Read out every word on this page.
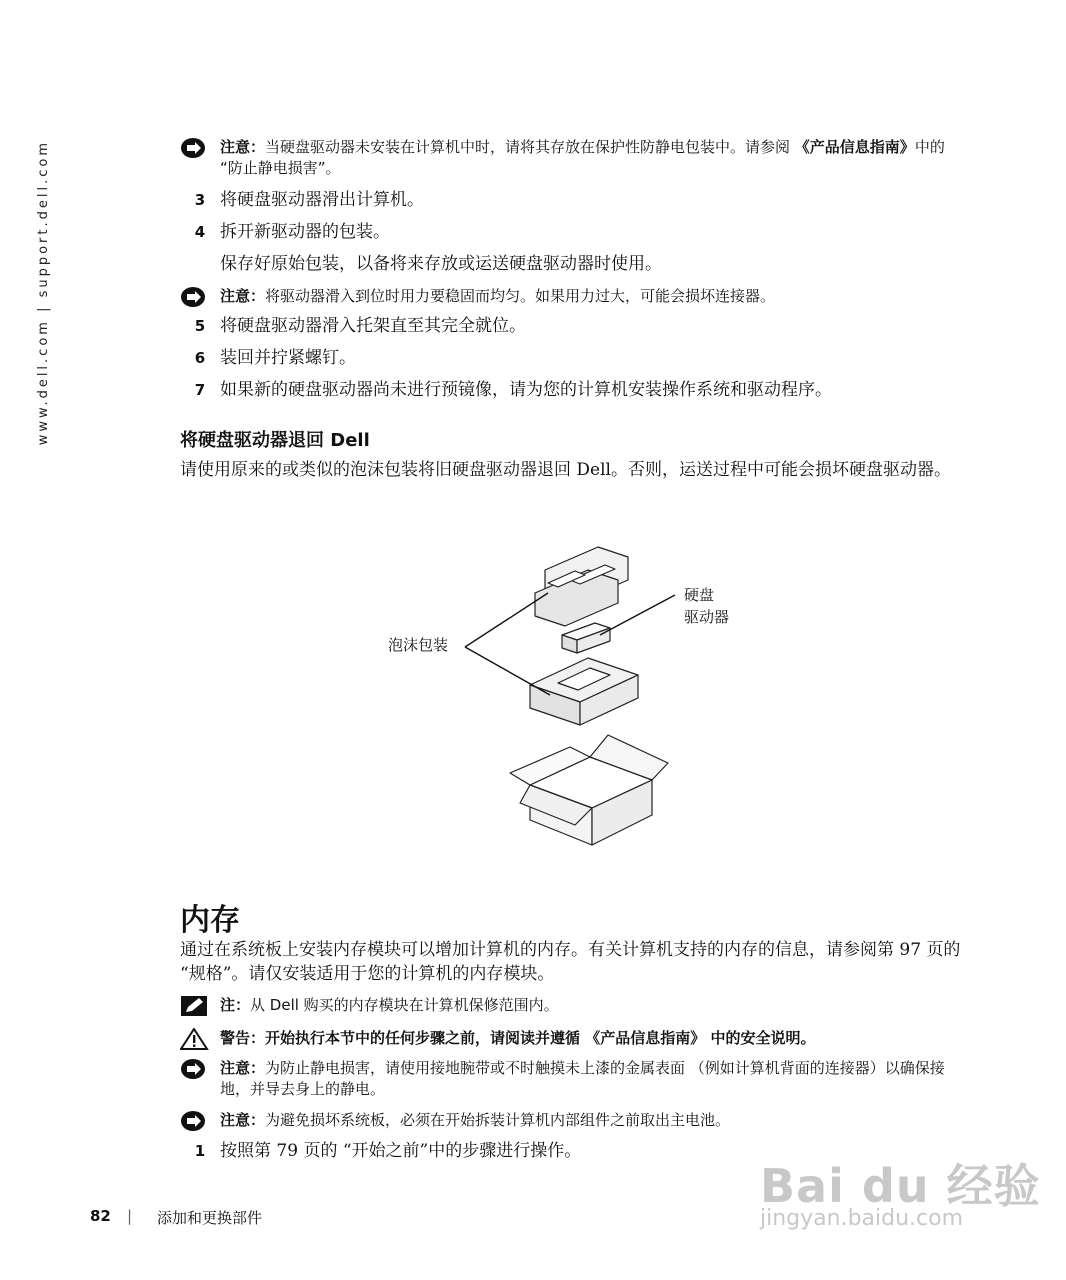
www.dell.com | support.dell.com	注意：当硬盘驱动器未安装在计算机中时，请将其存放在保护性防静电包装中。请参阅 《产品信息指南》中的 “防止静电损害”。
3 将硬盘驱动器滑出计算机。
4 拆开新驱动器的包装。
保存好原始包装，以备将来存放或运送硬盘驱动器时使用。
注意：将驱动器滑入到位时用力要稳固而均匀。如果用力过大，可能会损坏连接器。
5 将硬盘驱动器滑入托架直至其完全就位。
6 装回并拧紧螺钉。
7 如果新的硬盘驱动器尚未进行预镜像，请为您的计算机安装操作系统和驱动程序。
将硬盘驱动器退回 Dell
请使用原来的或类似的泡沫包装将旧硬盘驱动器退回 Dell。否则，运送过程中可能会损坏硬盘驱动器。
泡沫包装
硬盘
驱动器
内存
通过在系统板上安装内存模块可以增加计算机的内存。有关计算机支持的内存的信息，请参阅第 97 页的 “规格”。请仅安装适用于您的计算机的内存模块。
注：从 Dell 购买的内存模块在计算机保修范围内。
警告：开始执行本节中的任何步骤之前，请阅读并遵循 《产品信息指南》 中的安全说明。
注意：为防止静电损害，请使用接地腕带或不时触摸未上漆的金属表面 （例如计算机背面的连接器）以确保接地，并导去身上的静电。
注意：为避免损坏系统板，必须在开始拆装计算机内部组件之前取出主电池。
1 按照第 79 页的 “开始之前”中的步骤进行操作。
82 | 添加和更换部件
Bai du 经验
jingyan.baidu.com
